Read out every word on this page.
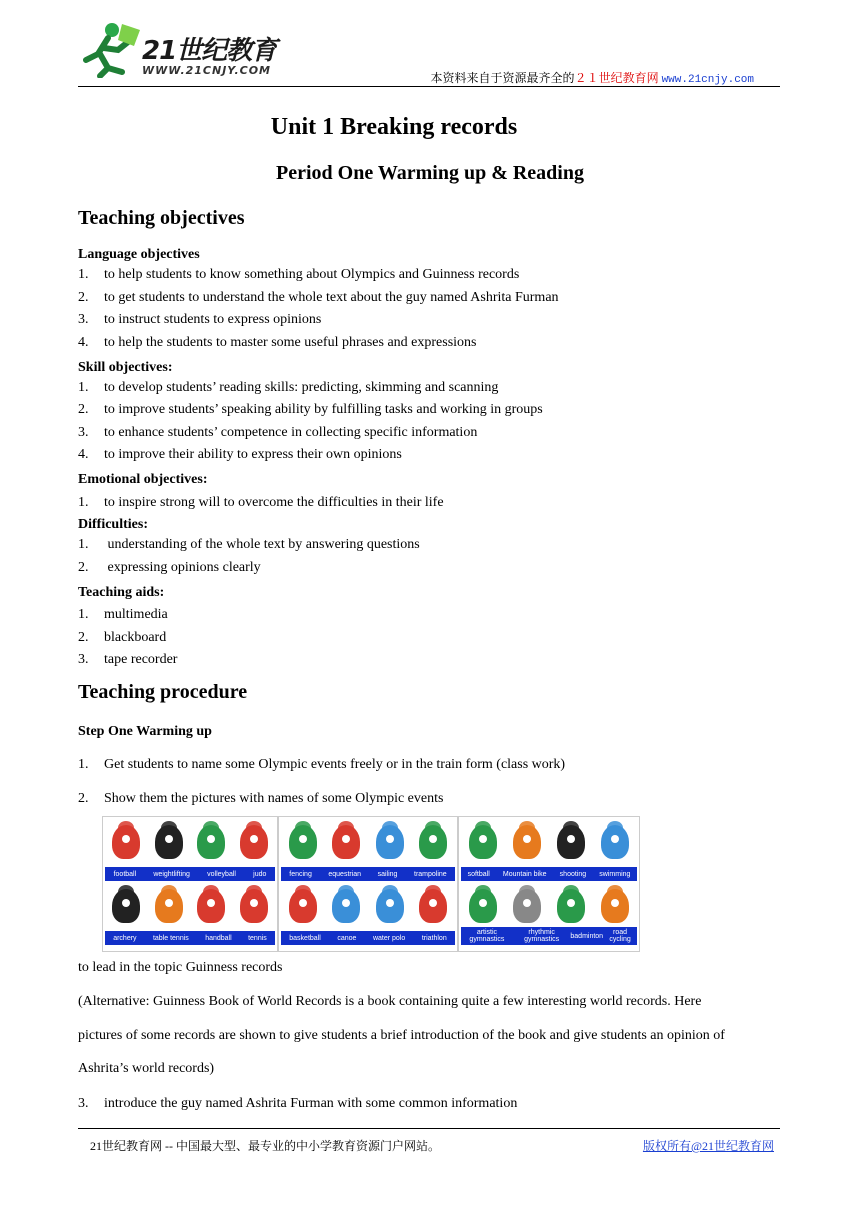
21世纪教育
WWW.21CNJY.COM
本资料来自于资源最齐全的２１世纪教育网 www.21cnjy.com
Unit 1 Breaking records
Period One Warming up & Reading
Teaching objectives
Language objectives
1. to help students to know something about Olympics and Guinness records
2. to get students to understand the whole text about the guy named Ashrita Furman
3. to instruct students to express opinions
4. to help the students to master some useful phrases and expressions
Skill objectives:
1. to develop students’ reading skills: predicting, skimming and scanning
2. to improve students’ speaking ability by fulfilling tasks and working in groups
3. to enhance students’ competence in collecting specific information
4. to improve their ability to express their own opinions
Emotional objectives:
1. to inspire strong will to overcome the difficulties in their life
Difficulties:
1. understanding of the whole text by answering questions
2. expressing opinions clearly
Teaching aids:
1. multimedia
2. blackboard
3. tape recorder
Teaching procedure
Step One Warming up
1. Get students to name some Olympic events freely or in the train form (class work)
2. Show them the pictures with names of some Olympic events
football weightlifting volleyball judo
archery table tennis handball tennis
fencing equestrian sailing trampoline
basketball canoe water polo triathlon
softball Mountain bike shooting swimming
artistic gymnastics
rhythmic gymnastics	badminton	road cycling
to lead in the topic Guinness records
(Alternative: Guinness Book of World Records is a book containing quite a few interesting world records. Here
pictures of some records are shown to give students a brief introduction of the book and give students an opinion of
Ashrita’s world records)
3. introduce the guy named Ashrita Furman with some common information
21世纪教育网 -- 中国最大型、最专业的中小学教育资源门户网站。	版权所有@21世纪教育网
